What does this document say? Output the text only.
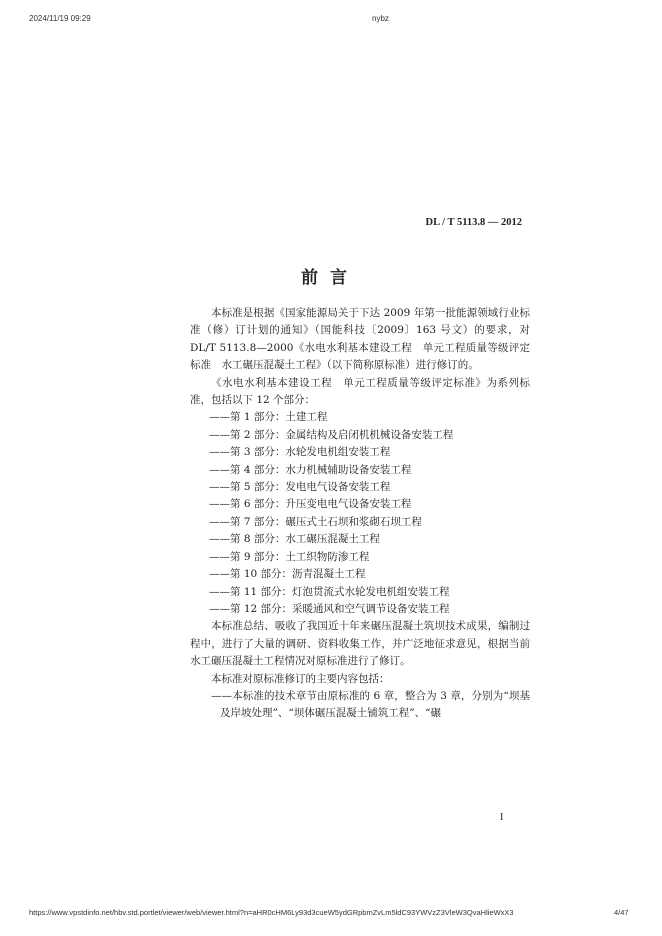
2024/11/19 09:29	nybz
DL / T 5113.8 — 2012
前言

本标准是根据《国家能源局关于下达 2009 年第一批能源领域行业标准（修）订计划的通知》（国能科技〔2009〕163 号文）的要求，对 DL/T 5113.8—2000《水电水利基本建设工程　单元工程质量等级评定标准　水工碾压混凝土工程》（以下简称原标准）进行修订的。

《水电水利基本建设工程　单元工程质量等级评定标准》为系列标准，包括以下 12 个部分：

——第 1 部分：土建工程
——第 2 部分：金属结构及启闭机机械设备安装工程
——第 3 部分：水轮发电机组安装工程
——第 4 部分：水力机械辅助设备安装工程
——第 5 部分：发电电气设备安装工程
——第 6 部分：升压变电电气设备安装工程
——第 7 部分：碾压式土石坝和浆砌石坝工程
——第 8 部分：水工碾压混凝土工程
——第 9 部分：土工织物防渗工程
——第 10 部分：沥青混凝土工程
——第 11 部分：灯泡贯流式水轮发电机组安装工程
——第 12 部分：采暖通风和空气调节设备安装工程

本标准总结、吸收了我国近十年来碾压混凝土筑坝技术成果，编制过程中，进行了大量的调研、资料收集工作，并广泛地征求意见，根据当前水工碾压混凝土工程情况对原标准进行了修订。

本标准对原标准修订的主要内容包括：

——本标准的技术章节由原标准的 6 章，整合为 3 章，分别为“坝基及岸坡处理”、“坝体碾压混凝土铺筑工程”、“碾

I
https://www.vpstdinfo.net/hbv.std.portlet/viewer/web/viewer.html?n=aHR0cHM6Ly93d3cueW5ydGRpbmZvLm5ldC93YWVzZ3VleW3QvaHlieWxX3	4/47
